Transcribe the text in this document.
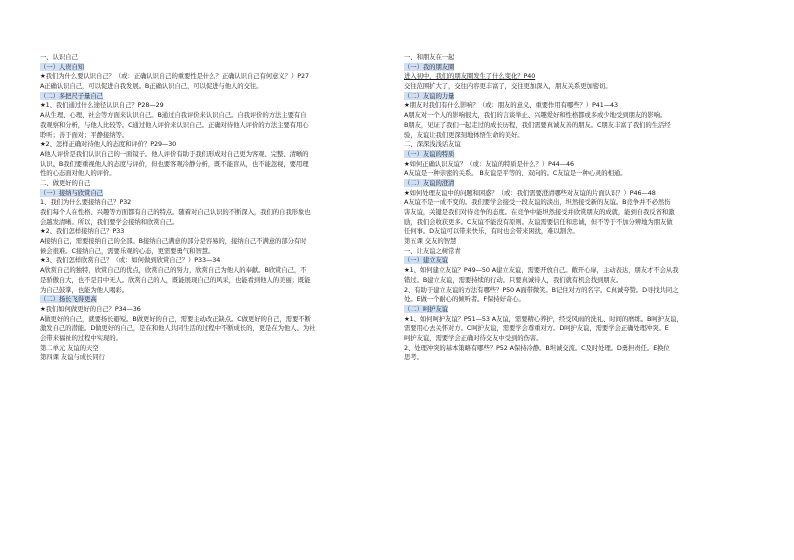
一、认识自己
（一）人贵自知
★我们为什么要认识自己？（或：正确认识自己的重要性是什么？正确认识自己有何意义？）P27
A正确认识自己，可以促进自我发展。B正确认识自己，可以促进与他人的交往。
（二）多把尺子量自己
★1、我们通过什么途径认识自己？P28—29
A从生理、心理、社会等方面来认识自己。B通过自我评价来认识自己。自我评价的方法主要有自
我观察和分析，与他人比较等。C通过他人评价来认识自己。正确对待他人评价的方法主要有用心
聆听；善于面对；平静接纳等。
★2、怎样正确对待他人的态度和评价？P29—30
A他人评价是我们认识自己的一面镜子。他人评价有助于我们形成对自己更为客观、完整、清晰的
认识。B我们要重视他人的态度与评价，但也要客观冷静分析，既不能盲从，也不能忽视，要用理
性的心态面对他人的评价。
二、做更好的自己
（一）接纳与欣赏自己
1、我们为什么要接纳自己？P32
我们每个人在性格、兴趣等方面都有自己的特点。随着对自己认识的不断深入，我们的自我形象也
会越发清晰。所以，我们要学会接纳和欣赏自己。
★2、我们怎样接纳自己？P33
A接纳自己，需要接纳自己的全部。B接纳自己满意的部分是容易的，接纳自己不满意的部分有时
候会很难。C接纳自己，需要乐观的心态，更需要勇气和智慧。
★3、我们怎样欣赏自己？（或：如何做到欣赏自己？）P33—34
A欣赏自己的独特，欣赏自己的优点，欣赏自己的努力，欣赏自己为他人的奉献。B欣赏自己，不
是骄傲自大，也不是目中无人。欣赏自己的人，既能展现自己的风采，也能看到他人的美丽；既能
为自己鼓掌，也能为他人喝彩。
（二）扬长飞得更高
★我们如何做更好的自己？P34—36
A做更好的自己，就要扬长避短。B做更好的自己，需要主动改正缺点。C做更好的自己，需要不断
激发自己的潜能。D做更好的自己，是在和他人共同生活的过程中不断成长的，更是在为他人、为社
会带来福祉的过程中实现的。
第二单元 友谊的天空
第四课 友谊与成长同行
一、和朋友在一起
（一）我的朋友圈
进入初中，我们的朋友圈发生了什么变化？P40
交往范围扩大了，交往内容更丰富了，交往更加深入，朋友关系更加密切。
（二）友谊的力量
★朋友对我们有什么影响？（或：朋友的意义、重要作用有哪些？）P41—43
A朋友对一个人的影响很大，我们的言谈举止、兴趣爱好和性格都或多或少地受到朋友的影响。
B朋友，见证了我们一起走过的成长历程，我们需要真诚友善的朋友。C朋友丰富了我们的生活经
验，友谊让我们更深刻地体悟生命的美好。
二、深深浅浅话友谊
（一）友谊的特质
★如何正确认识友谊？（或：友谊的特质是什么？）P44—46
A友谊是一种亲密的关系。 B友谊是平等的、双向的。C友谊是一种心灵的相通。
（二）友谊的澄清
★如何处理友谊中的问题和困惑？（或：我们需要澄清哪些对友谊的片面认识？）P46—48
A友谊不是一成不变的。我们要学会接受一段友谊的淡出，坦然接受新的友谊。B竞争并不必然伤
害友谊，关键是我们对待竞争的态度。在竞争中能坦然接受并欣赏朋友的成就，能到自我反省和激
励，我们会收获更多。C友谊不能没有原则。友谊需要信任和忠诚，但不等于不加分辨地为朋友做
任何事。D友谊可以带来快乐，有时也会带来困扰，难以割舍。
第五课 交友的智慧
一、让友谊之树常青
（一）建立友谊
★1、如何建立友谊？P49—50 A建立友谊，需要开放自己。敞开心扉，主动表达，朋友才不会从我
错过。B建立友谊，需要持续的行动。只要真诚待人，我们就有机会找到朋友。
2、有助于建立友谊的方法有哪些？P50 A面带微笑。B记住对方的名字。C真诚夸赞。D寻找共同之
处。E做一个耐心的倾听者。F保持好奇心。
（二）呵护友谊
★1、如何呵护友谊？P51—53 A友谊，需要精心养护，经受风雨的洗礼、时间的磨练。B呵护友谊，
需要用心去关怀对方。C呵护友谊，需要学会尊重对方。D呵护友谊，需要学会正确处理冲突。E
呵护友谊，需要学会正确对待交友中受到的伤害。
2、处理冲突的基本策略有哪些？P52 A保持冷静。B坦诚交流。C及时处理。D勇担责任。E换位
思考。
